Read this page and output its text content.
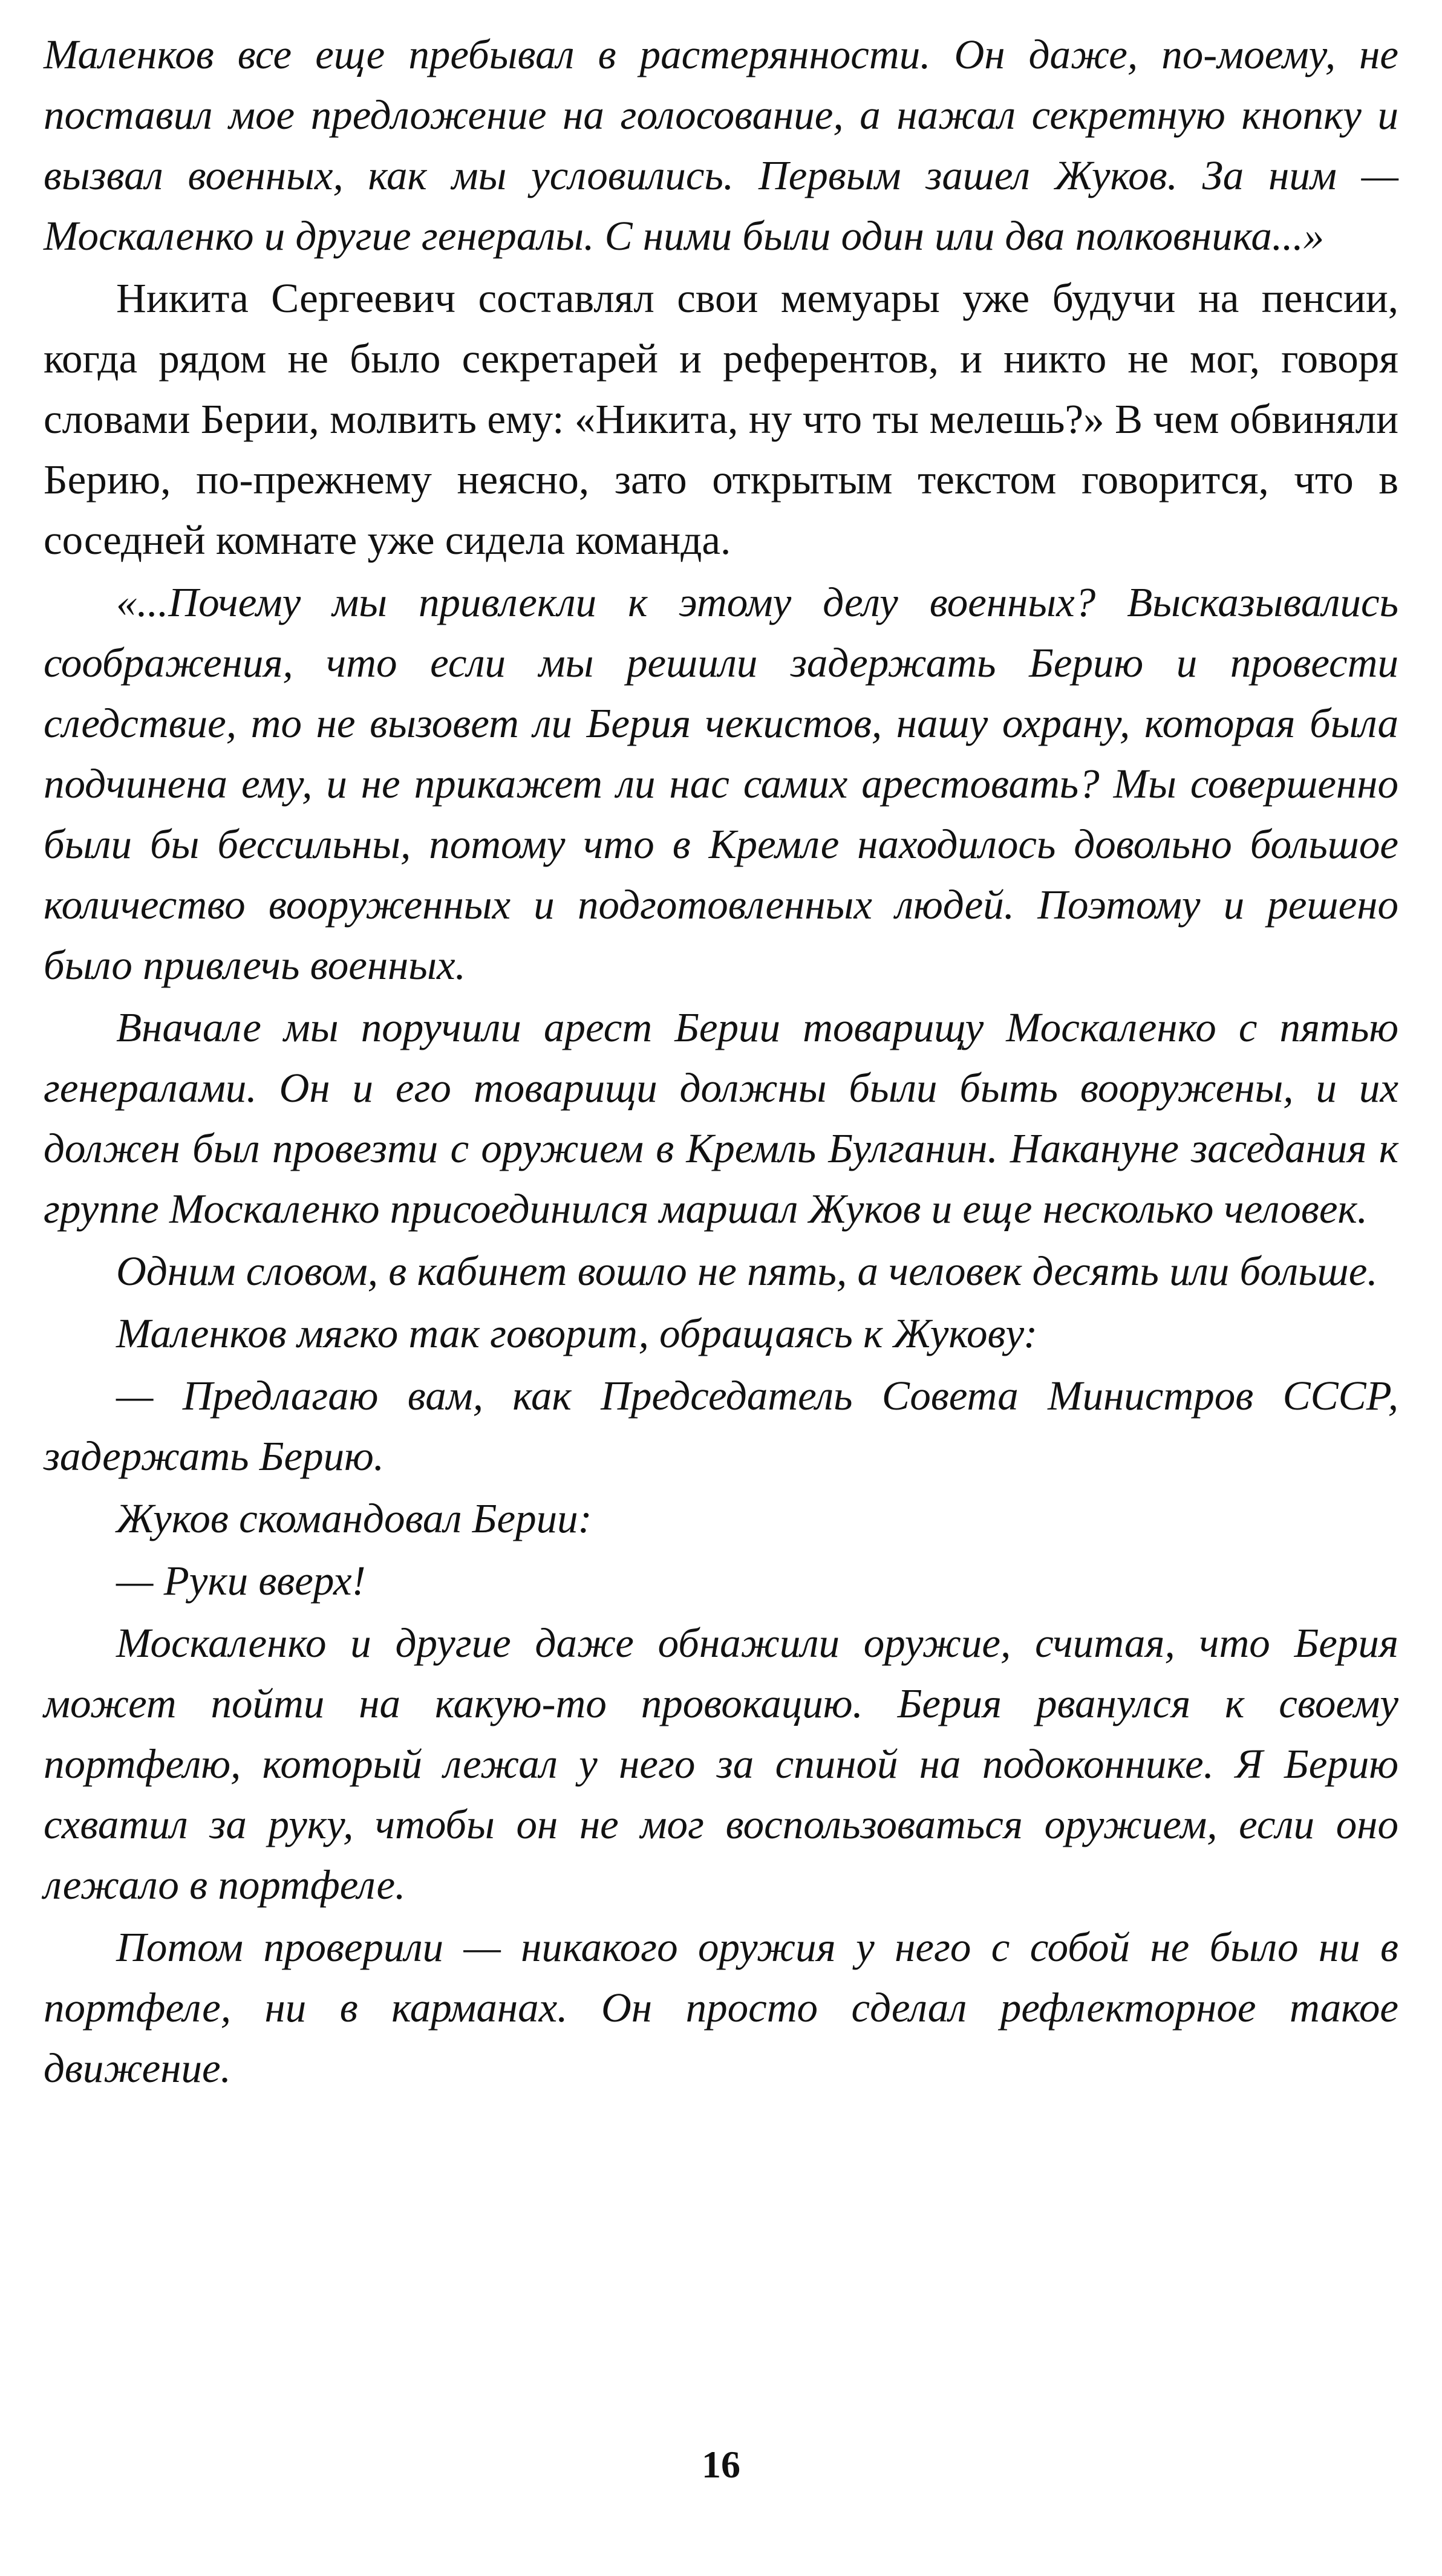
Маленков все еще пребывал в растерянности. Он даже, по-моему, не поставил мое предложение на голосование, а нажал секретную кнопку и вызвал военных, как мы условились. Первым зашел Жуков. За ним — Москаленко и другие генералы. С ними были один или два полковника...»

Никита Сергеевич составлял свои мемуары уже будучи на пенсии, когда рядом не было секретарей и референтов, и никто не мог, говоря словами Берии, молвить ему: «Никита, ну что ты мелешь?» В чем обвиняли Берию, по-прежнему неясно, зато открытым текстом говорится, что в соседней комнате уже сидела команда.

«...Почему мы привлекли к этому делу военных? Высказывались соображения, что если мы решили задержать Берию и провести следствие, то не вызовет ли Берия чекистов, нашу охрану, которая была подчинена ему, и не прикажет ли нас самих арестовать? Мы совершенно были бы бессильны, потому что в Кремле находилось довольно большое количество вооруженных и подготовленных людей. Поэтому и решено было привлечь военных.

Вначале мы поручили арест Берии товарищу Москаленко с пятью генералами. Он и его товарищи должны были быть вооружены, и их должен был провезти с оружием в Кремль Булганин. Накануне заседания к группе Москаленко присоединился маршал Жуков и еще несколько человек.

Одним словом, в кабинет вошло не пять, а человек десять или больше.

Маленков мягко так говорит, обращаясь к Жукову:

— Предлагаю вам, как Председатель Совета Министров СССР, задержать Берию.

Жуков скомандовал Берии:

— Руки вверх!

Москаленко и другие даже обнажили оружие, считая, что Берия может пойти на какую-то провокацию. Берия рванулся к своему портфелю, который лежал у него за спиной на подоконнике. Я Берию схватил за руку, чтобы он не мог воспользоваться оружием, если оно лежало в портфеле.

Потом проверили — никакого оружия у него с собой не было ни в портфеле, ни в карманах. Он просто сделал рефлекторное такое движение.

16
